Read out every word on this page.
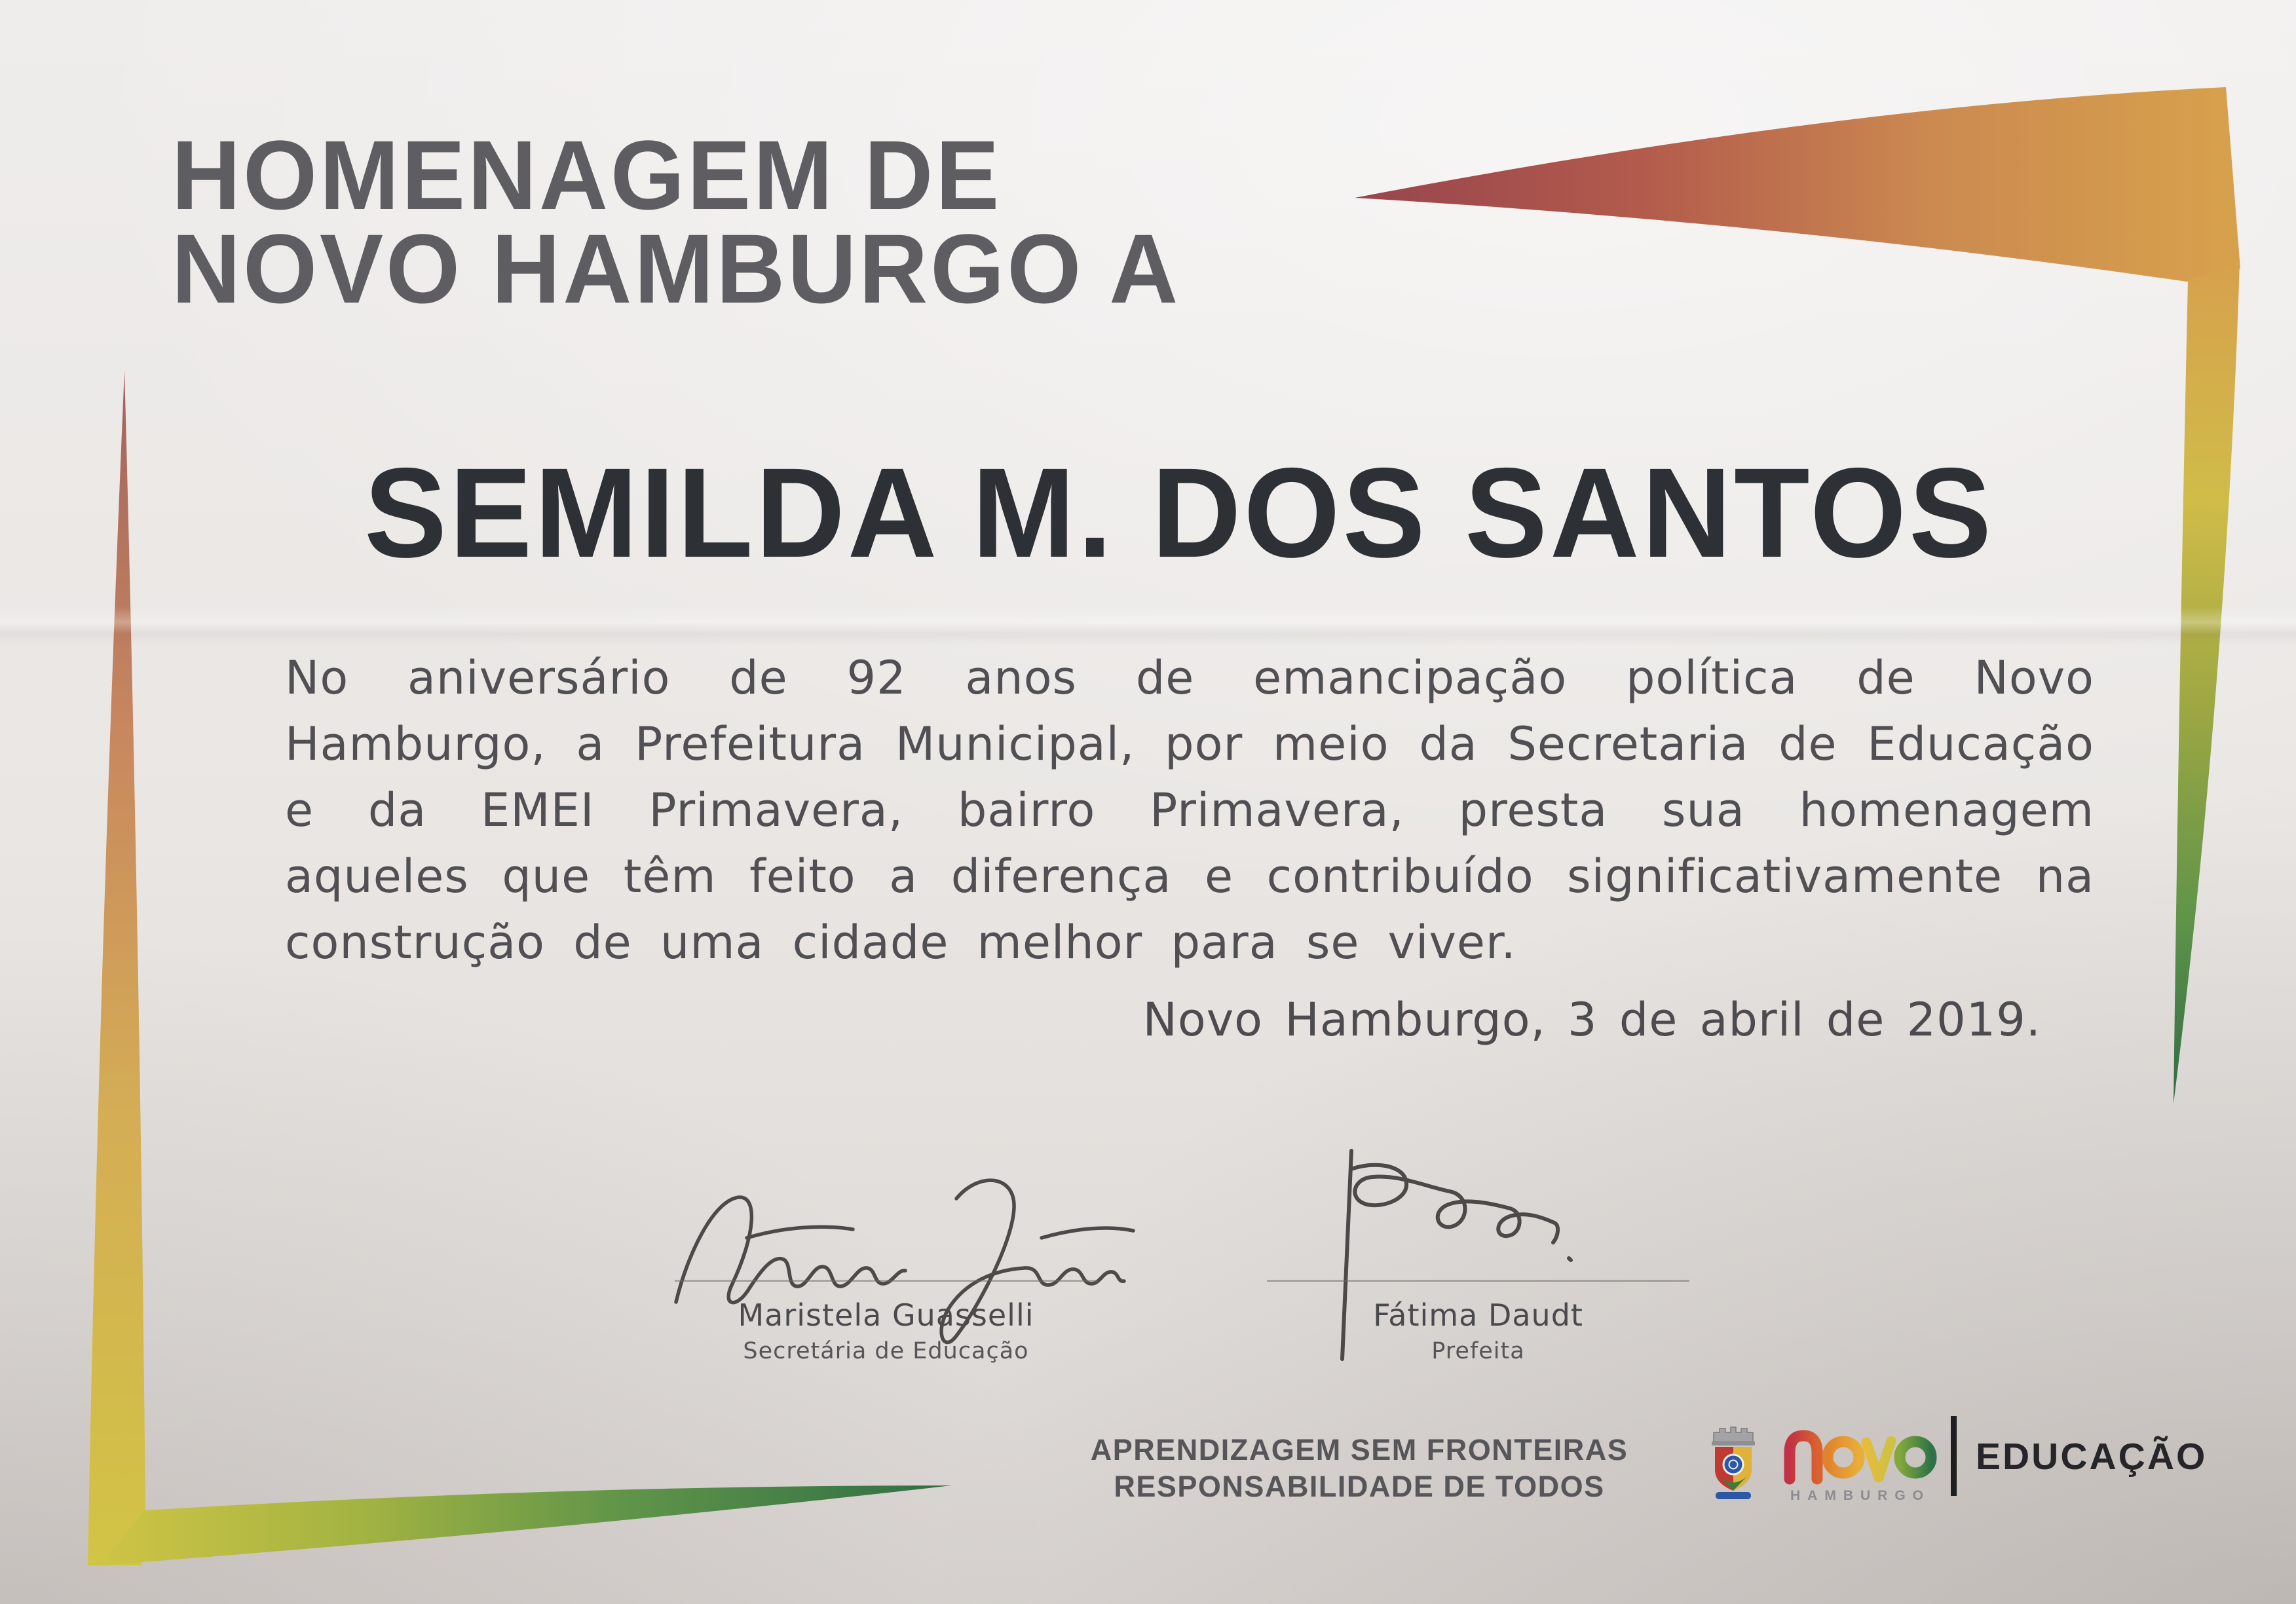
HOMENAGEM DE
NOVO HAMBURGO A
SEMILDA M. DOS SANTOS
No aniversário de 92 anos de emancipação política de Novo Hamburgo, a Prefeitura Municipal, por meio da Secretaria de Educação e da EMEI Primavera, bairro Primavera, presta sua homenagem aqueles que têm feito a diferença e contribuído significativamente na construção de uma cidade melhor para se viver.
Novo Hamburgo, 3 de abril de 2019.
Maristela Guasselli
Secretária de Educação
Fátima Daudt
Prefeita
APRENDIZAGEM SEM FRONTEIRAS
RESPONSABILIDADE DE TODOS	HAMBURGO
EDUCAÇÃO
